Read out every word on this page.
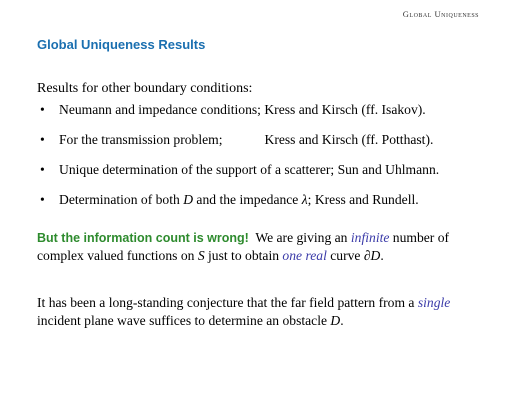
Global Uniqueness
Global Uniqueness Results
Results for other boundary conditions:
• Neumann and impedance conditions; Kress and Kirsch (ff. Isakov).
• For the transmission problem;	Kress and Kirsch (ff. Potthast).
• Unique determination of the support of a scatterer; Sun and Uhlmann.
• Determination of both D and the impedance λ; Kress and Rundell.
But the information count is wrong!  We are giving an infinite number of complex valued functions on S just to obtain one real curve ∂D.
It has been a long-standing conjecture that the far field pattern from a single incident plane wave suffices to determine an obstacle D.
